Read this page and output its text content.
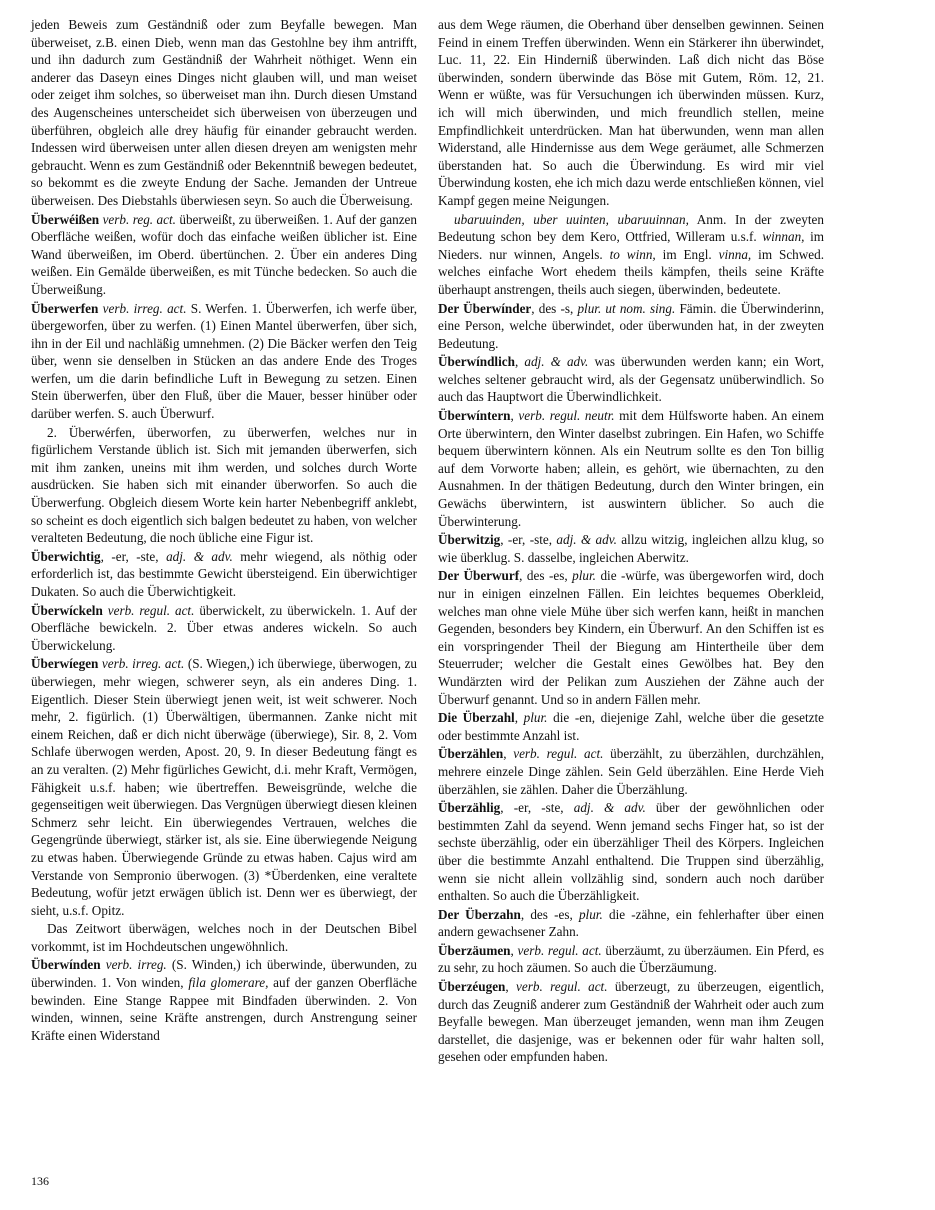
jeden Beweis zum Geständniß oder zum Beyfalle bewegen. Man überweiset, z.B. einen Dieb, wenn man das Gestohlne bey ihm antrifft, und ihn dadurch zum Geständniß der Wahrheit nöthiget. Wenn ein anderer das Daseyn eines Dinges nicht glauben will, und man weiset oder zeiget ihm solches, so überweiset man ihn. Durch diesen Umstand des Augenscheines unterscheidet sich überweisen von überzeugen und überführen, obgleich alle drey häufig für einander gebraucht werden. Indessen wird überweisen unter allen diesen dreyen am wenigsten mehr gebraucht. Wenn es zum Geständniß oder Bekenntniß bewegen bedeutet, so bekommt es die zweyte Endung der Sache. Jemanden der Untreue überweisen. Des Diebstahls überwiesen seyn. So auch die Überweisung.

Überwéißen verb. reg. act. überweißt, zu überweißen. 1. Auf der ganzen Oberfläche weißen, wofür doch das einfache weißen üblicher ist. Eine Wand überweißen, im Oberd. übertünchen. 2. Über ein anderes Ding weißen. Ein Gemälde überweißen, es mit Tünche bedecken. So auch die Überweißung.

Überwerfen verb. irreg. act. S. Werfen. 1. Überwerfen, ich werfe über, übergeworfen, über zu werfen. (1) Einen Mantel überwerfen, über sich, ihn in der Eil und nachläßig umnehmen. (2) Die Bäcker werfen den Teig über, wenn sie denselben in Stücken an das andere Ende des Troges werfen, um die darin befindliche Luft in Bewegung zu setzen. Einen Stein überwerfen, über den Fluß, über die Mauer, besser hinüber oder darüber werfen. S. auch Überwurf.

2. Überwérfen, überworfen, zu überwerfen, welches nur in figürlichem Verstande üblich ist. Sich mit jemanden überwerfen, sich mit ihm zanken, uneins mit ihm werden, und solches durch Worte ausdrücken. Sie haben sich mit einander überworfen. So auch die Überwerfung. Obgleich diesem Worte kein harter Nebenbegriff anklebt, so scheint es doch eigentlich sich balgen bedeutet zu haben, von welcher veralteten Bedeutung, die noch übliche eine Figur ist.

Überwichtig, -er, -ste, adj. & adv. mehr wiegend, als nöthig oder erforderlich ist, das bestimmte Gewicht übersteigend. Ein überwichtiger Dukaten. So auch die Überwichtigkeit.

Überwíckeln verb. regul. act. überwickelt, zu überwickeln. 1. Auf der Oberfläche bewickeln. 2. Über etwas anderes wickeln. So auch Überwickelung.

Überwíegen verb. irreg. act. (S. Wiegen,) ich überwiege, überwogen, zu überwiegen, mehr wiegen, schwerer seyn, als ein anderes Ding. 1. Eigentlich. Dieser Stein überwiegt jenen weit, ist weit schwerer. Noch mehr, 2. figürlich. (1) Überwältigen, übermannen. Zanke nicht mit einem Reichen, daß er dich nicht überwäge (überwiege), Sir. 8, 2. Vom Schlafe überwogen werden, Apost. 20, 9. In dieser Bedeutung fängt es an zu veralten. (2) Mehr figürliches Gewicht, d.i. mehr Kraft, Vermögen, Fähigkeit u.s.f. haben; wie übertreffen. Beweisgründe, welche die gegenseitigen weit überwiegen. Das Vergnügen überwiegt diesen kleinen Schmerz sehr leicht. Ein überwiegendes Vertrauen, welches die Gegengründe überwiegt, stärker ist, als sie. Eine überwiegende Neigung zu etwas haben. Überwiegende Gründe zu etwas haben. Cajus wird am Verstande von Sempronio überwogen. (3) *Überdenken, eine veraltete Bedeutung, wofür jetzt erwägen üblich ist. Denn wer es überwiegt, der sieht, u.s.f. Opitz.

Das Zeitwort überwägen, welches noch in der Deutschen Bibel vorkommt, ist im Hochdeutschen ungewöhnlich.

Überwínden verb. irreg. (S. Winden,) ich überwinde, überwunden, zu überwinden. 1. Von winden, fila glomerare, auf der ganzen Oberfläche bewinden. Eine Stange Rappee mit Bindfaden überwinden. 2. Von winden, winnen, seine Kräfte anstrengen, durch Anstrengung seiner Kräfte einen Widerstand

aus dem Wege räumen, die Oberhand über denselben gewinnen. Seinen Feind in einem Treffen überwinden. Wenn ein Stärkerer ihn überwindet, Luc. 11, 22. Ein Hinderniß überwinden. Laß dich nicht das Böse überwinden, sondern überwinde das Böse mit Gutem, Röm. 12, 21. Wenn er wüßte, was für Versuchungen ich überwinden müssen. Kurz, ich will mich überwinden, und mich freundlich stellen, meine Empfindlichkeit unterdrücken. Man hat überwunden, wenn man allen Widerstand, alle Hindernisse aus dem Wege geräumet, alle Schmerzen überstanden hat. So auch die Überwindung. Es wird mir viel Überwindung kosten, ehe ich mich dazu werde entschließen können, viel Kampf gegen meine Neigungen.

ubaruuinden, uber uuinten, ubaruuinnan, Anm. In der zweyten Bedeutung schon bey dem Kero, Ottfried, Willeram u.s.f. winnan, im Nieders. nur winnen, Angels. to winn, im Engl. vinna, im Schwed. welches einfache Wort ehedem theils kämpfen, theils seine Kräfte überhaupt anstrengen, theils auch siegen, überwinden, bedeutete.

Der Überwínder, des -s, plur. ut nom. sing. Fämin. die Überwinderinn, eine Person, welche überwindet, oder überwunden hat, in der zweyten Bedeutung.

Überwíndlich, adj. & adv. was überwunden werden kann; ein Wort, welches seltener gebraucht wird, als der Gegensatz unüberwindlich. So auch das Hauptwort die Überwindlichkeit.

Überwíntern, verb. regul. neutr. mit dem Hülfsworte haben. An einem Orte überwintern, den Winter daselbst zubringen. Ein Hafen, wo Schiffe bequem überwintern können. Als ein Neutrum sollte es den Ton billig auf dem Vorworte haben; allein, es gehört, wie übernachten, zu den Ausnahmen. In der thätigen Bedeutung, durch den Winter bringen, ein Gewächs überwintern, ist auswintern üblicher. So auch die Überwinterung.

Überwitzig, -er, -ste, adj. & adv. allzu witzig, ingleichen allzu klug, so wie überklug. S. dasselbe, ingleichen Aberwitz.

Der Überwurf, des -es, plur. die -würfe, was übergeworfen wird, doch nur in einigen einzelnen Fällen. Ein leichtes bequemes Oberkleid, welches man ohne viele Mühe über sich werfen kann, heißt in manchen Gegenden, besonders bey Kindern, ein Überwurf. An den Schiffen ist es ein vorspringender Theil der Biegung am Hintertheile über dem Steuerruder; welcher die Gestalt eines Gewölbes hat. Bey den Wundärzten wird der Pelikan zum Ausziehen der Zähne auch der Überwurf genannt. Und so in andern Fällen mehr.

Die Überzahl, plur. die -en, diejenige Zahl, welche über die gesetzte oder bestimmte Anzahl ist.

Überzählen, verb. regul. act. überzählt, zu überzählen, durchzählen, mehrere einzele Dinge zählen. Sein Geld überzählen. Eine Herde Vieh überzählen, sie zählen. Daher die Überzählung.

Überzählig, -er, -ste, adj. & adv. über der gewöhnlichen oder bestimmten Zahl da seyend. Wenn jemand sechs Finger hat, so ist der sechste überzählig, oder ein überzähliger Theil des Körpers. Ingleichen über die bestimmte Anzahl enthaltend. Die Truppen sind überzählig, wenn sie nicht allein vollzählig sind, sondern auch noch darüber enthalten. So auch die Überzähligkeit.

Der Überzahn, des -es, plur. die -zähne, ein fehlerhafter über einen andern gewachsener Zahn.

Überzäumen, verb. regul. act. überzäumt, zu überzäumen. Ein Pferd, es zu sehr, zu hoch zäumen. So auch die Überzäumung.

Überzéugen, verb. regul. act. überzeugt, zu überzeugen, eigentlich, durch das Zeugniß anderer zum Geständniß der Wahrheit oder auch zum Beyfalle bewegen. Man überzeuget jemanden, wenn man ihm Zeugen darstellet, die dasjenige, was er bekennen oder für wahr halten soll, gesehen oder empfunden haben.

136
